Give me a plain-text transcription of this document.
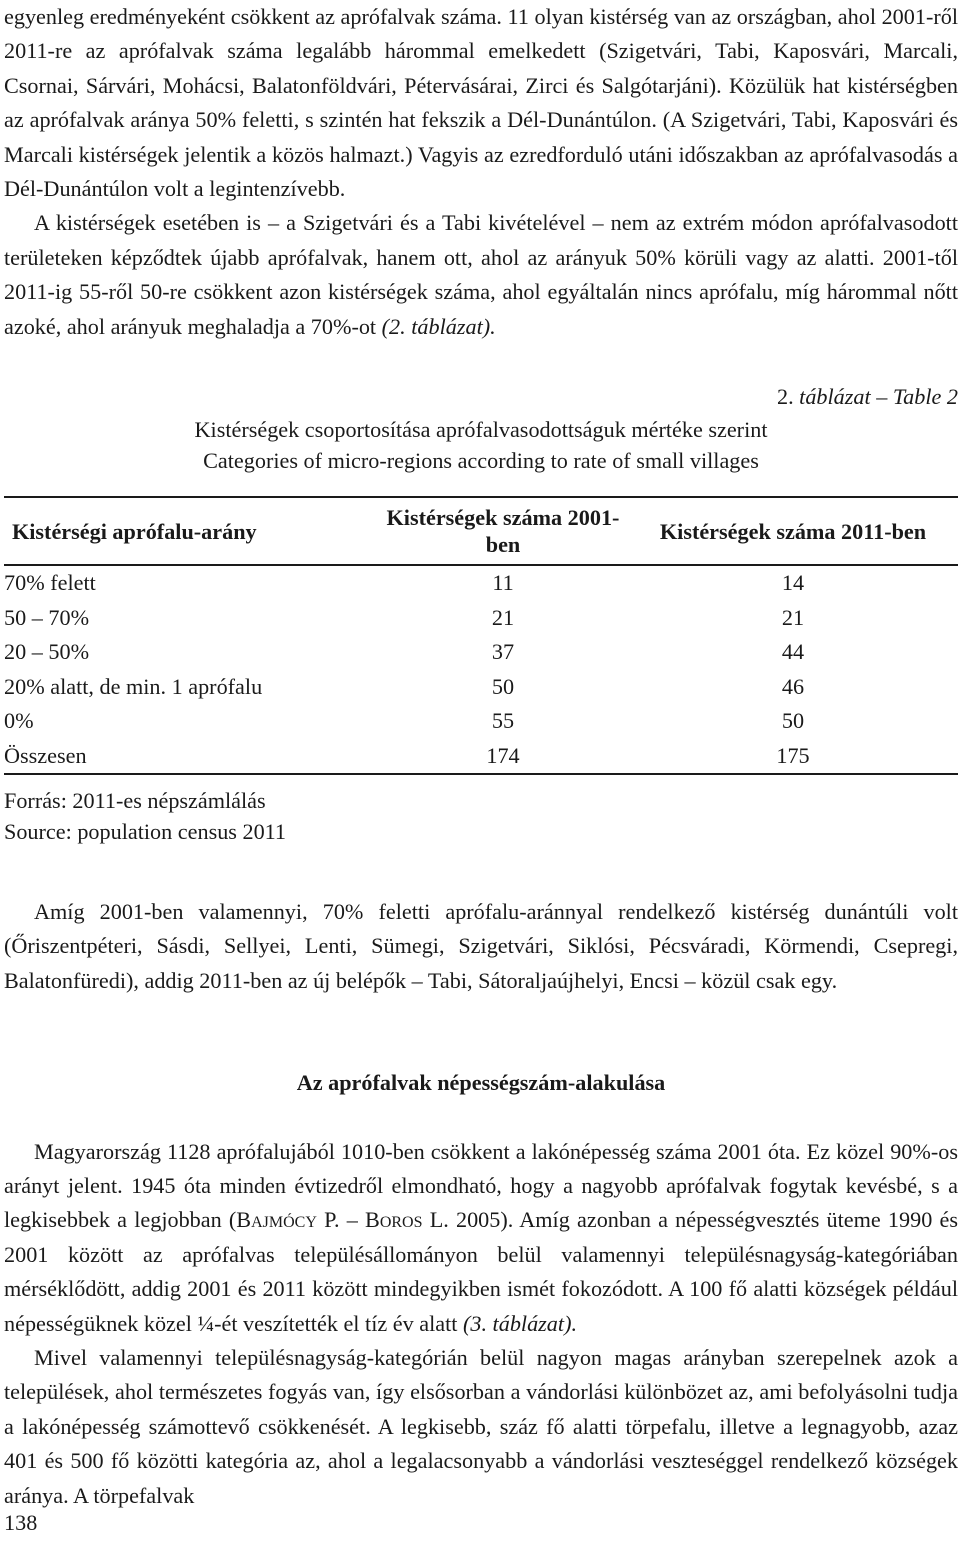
egyenleg eredményeként csökkent az aprófalvak száma. 11 olyan kistérség van az országban, ahol 2001-ről 2011-re az aprófalvak száma legalább hárommal emelkedett (Szigetvári, Tabi, Kaposvári, Marcali, Csornai, Sárvári, Mohácsi, Balatonföldvári, Pétervásárai, Zirci és Salgótarjáni). Közülük hat kistérségben az aprófalvak aránya 50% feletti, s szintén hat fekszik a Dél-Dunántúlon. (A Szigetvári, Tabi, Kaposvári és Marcali kistérségek jelentik a közös halmazt.) Vagyis az ezredforduló utáni időszakban az aprófalvasodás a Dél-Dunántúlon volt a legintenzívebb.

A kistérségek esetében is – a Szigetvári és a Tabi kivételével – nem az extrém módon aprófalvasodott területeken képződtek újabb aprófalvak, hanem ott, ahol az arányuk 50% körüli vagy az alatti. 2001-től 2011-ig 55-ről 50-re csökkent azon kistérségek száma, ahol egyáltalán nincs aprófalu, míg hárommal nőtt azoké, ahol arányuk meghaladja a 70%-ot (2. táblázat).

2. táblázat – Table 2
Kistérségek csoportosítása aprófalvasodottságuk mértéke szerint
Categories of micro-regions according to rate of small villages
Kistérségi aprófalu-arány	Kistérségek száma 2001-ben	Kistérségek száma 2011-ben
70% felett	11	14
50 – 70%	21	21
20 – 50%	37	44
20% alatt, de min. 1 aprófalu	50	46
0%	55	50
Összesen	174	175
Forrás: 2011-es népszámlálás
Source: population census 2011

Amíg 2001-ben valamennyi, 70% feletti aprófalu-aránnyal rendelkező kistérség dunántúli volt (Őriszentpéteri, Sásdi, Sellyei, Lenti, Sümegi, Szigetvári, Siklósi, Pécsváradi, Körmendi, Csepregi, Balatonfüredi), addig 2011-ben az új belépők – Tabi, Sátoraljaújhelyi, Encsi – közül csak egy.

Az aprófalvak népességszám-alakulása

Magyarország 1128 aprófalujából 1010-ben csökkent a lakónépesség száma 2001 óta. Ez közel 90%-os arányt jelent. 1945 óta minden évtizedről elmondható, hogy a nagyobb aprófalvak fogytak kevésbé, s a legkisebbek a legjobban (Bajmócy P. – Boros L. 2005). Amíg azonban a népességvesztés üteme 1990 és 2001 között az aprófalvas településállományon belül valamennyi településnagyság-kategóriában mérséklődött, addig 2001 és 2011 között mindegyikben ismét fokozódott. A 100 fő alatti községek például népességüknek közel ¼-ét veszítették el tíz év alatt (3. táblázat).

Mivel valamennyi településnagyság-kategórián belül nagyon magas arányban szerepelnek azok a települések, ahol természetes fogyás van, így elsősorban a vándorlási különbözet az, ami befolyásolni tudja a lakónépesség számottevő csökkenését. A legkisebb, száz fő alatti törpefalu, illetve a legnagyobb, azaz 401 és 500 fő közötti kategória az, ahol a legalacsonyabb a vándorlási veszteséggel rendelkező községek aránya. A törpefalvak

138
